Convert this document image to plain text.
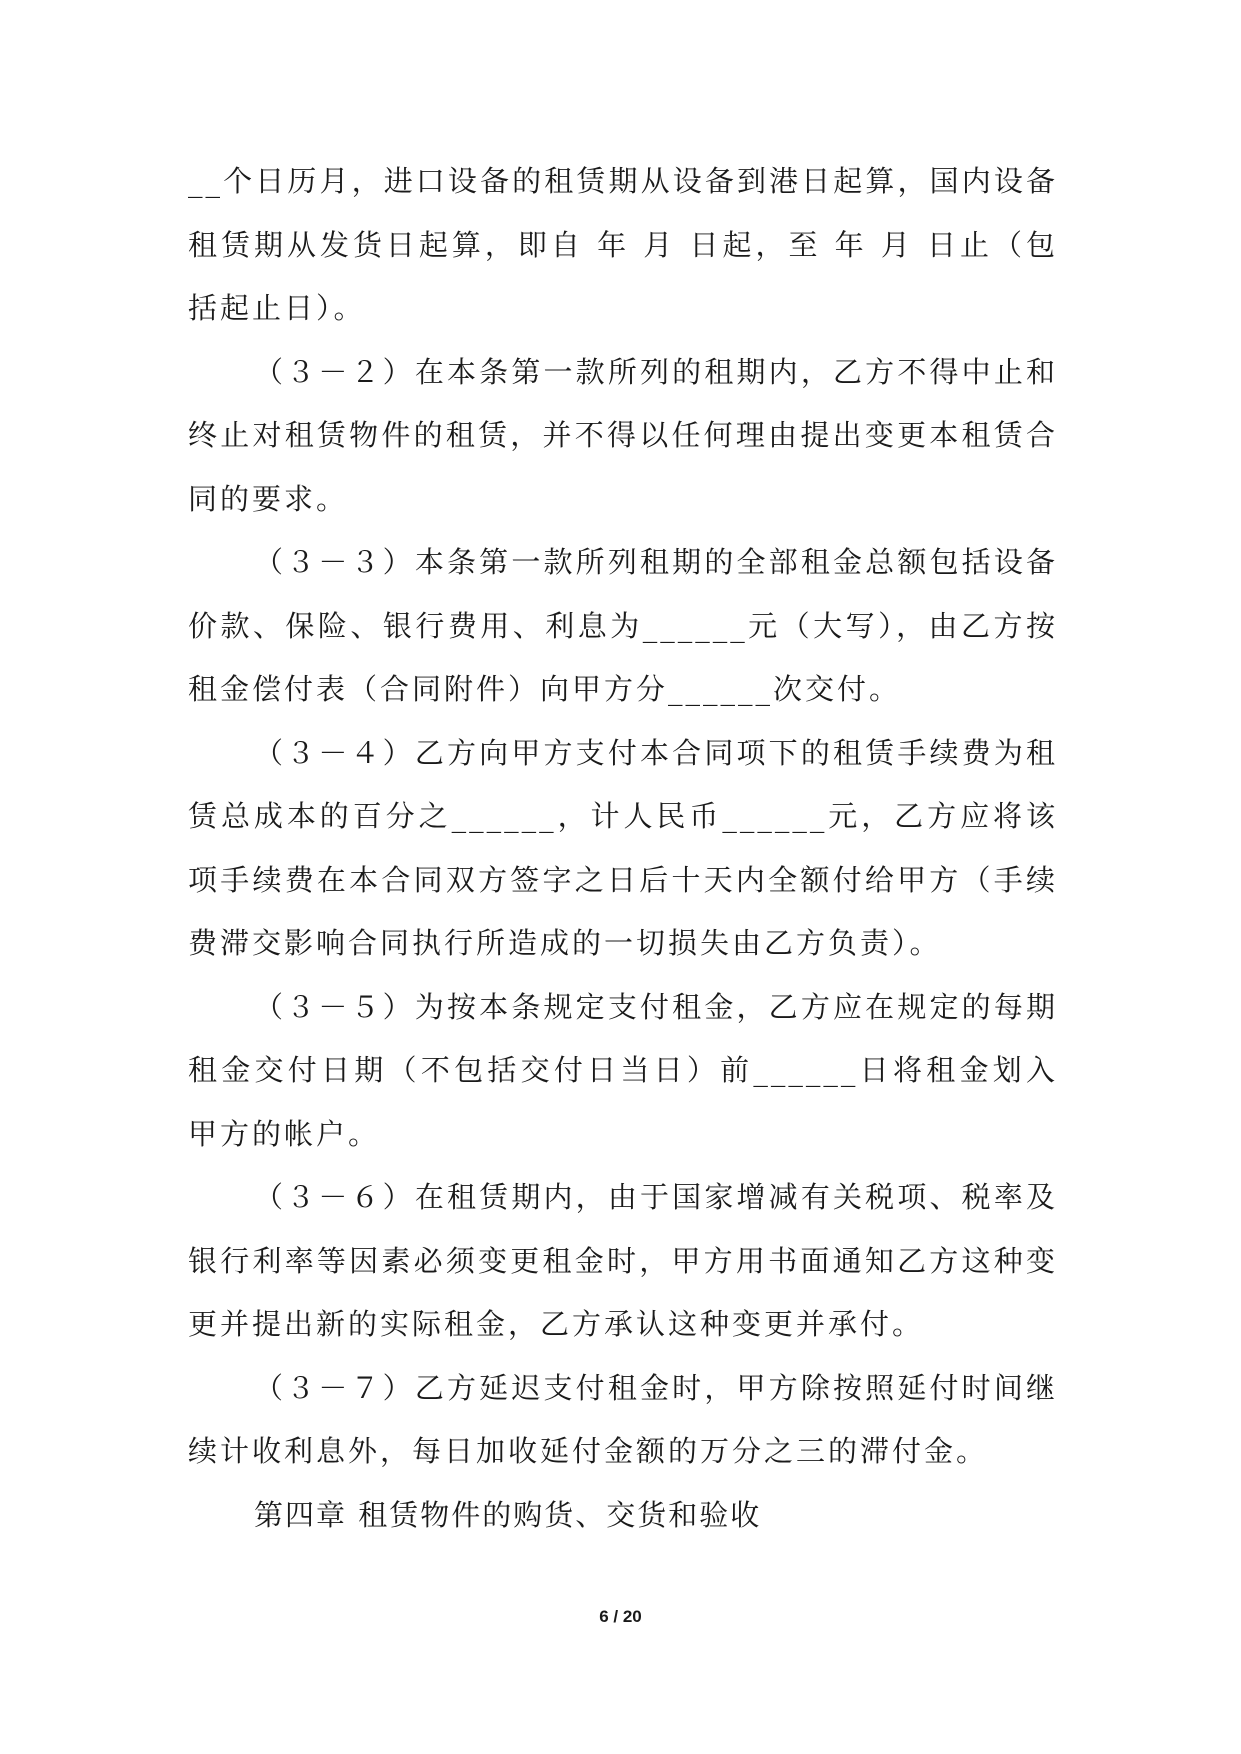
__个日历月，进口设备的租赁期从设备到港日起算，国内设备租赁期从发货日起算，即自 年 月 日起，至 年 月 日止（包括起止日）。

（３－２）在本条第一款所列的租期内，乙方不得中止和终止对租赁物件的租赁，并不得以任何理由提出变更本租赁合同的要求。

（３－３）本条第一款所列租期的全部租金总额包括设备价款、保险、银行费用、利息为______元（大写），由乙方按租金偿付表（合同附件）向甲方分______次交付。

（３－４）乙方向甲方支付本合同项下的租赁手续费为租赁总成本的百分之______，计人民币______元，乙方应将该项手续费在本合同双方签字之日后十天内全额付给甲方（手续费滞交影响合同执行所造成的一切损失由乙方负责）。

（３－５）为按本条规定支付租金，乙方应在规定的每期租金交付日期（不包括交付日当日）前______日将租金划入甲方的帐户。

（３－６）在租赁期内，由于国家增减有关税项、税率及银行利率等因素必须变更租金时，甲方用书面通知乙方这种变更并提出新的实际租金，乙方承认这种变更并承付。

（３－７）乙方延迟支付租金时，甲方除按照延付时间继续计收利息外，每日加收延付金额的万分之三的滞付金。

第四章 租赁物件的购货、交货和验收

6 / 20
